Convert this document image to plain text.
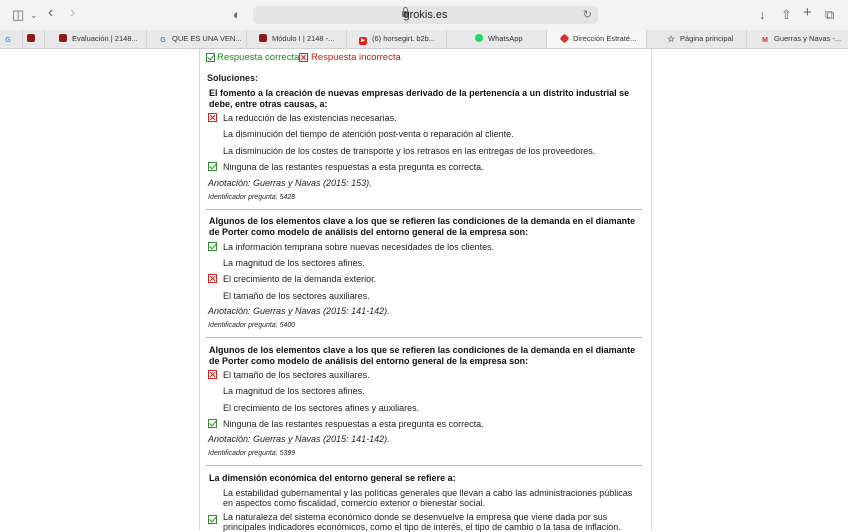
◫ ⌄ ‹ ›	◐	grokis.es	↻	↓ ⇧ + ⧉
G	Evaluación | 2148...	G QUE ES UNA VEN...	Módulo I | 2148 -...	▸ (6) horsegirL b2b...	WhatsApp	Dirección Estraté...	☆ Página principal	M Guerras y Navas -...
Respuesta correcta Respuesta incorrecta
Soluciones:
El fomento a la creación de nuevas empresas derivado de la pertenencia a un distrito industrial se debe, entre otras causas, a:
La reducción de las existencias necesarias.
La disminución del tiempo de atención post-venta o reparación al cliente.
La disminución de los costes de transporte y los retrasos en las entregas de los proveedores.
Ninguna de las restantes respuestas a esta pregunta es correcta.
Anotación: Guerras y Navas (2015: 153).
Identificador pregunta: 5428
Algunos de los elementos clave a los que se refieren las condiciones de la demanda en el diamante de Porter como modelo de análisis del entorno general de la empresa son:
La información temprana sobre nuevas necesidades de los clientes.
La magnitud de los sectores afines.
El crecimiento de la demanda exterior.
El tamaño de los sectores auxiliares.
Anotación: Guerras y Navas (2015: 141-142).
Identificador pregunta: 5400
Algunos de los elementos clave a los que se refieren las condiciones de la demanda en el diamante de Porter como modelo de análisis del entorno general de la empresa son:
El tamaño de los sectores auxiliares.
La magnitud de los sectores afines.
El crecimiento de los sectores afines y auxiliares.
Ninguna de las restantes respuestas a esta pregunta es correcta.
Anotación: Guerras y Navas (2015: 141-142).
Identificador pregunta: 5399
La dimensión económica del entorno general se refiere a:
La estabilidad gubernamental y las políticas generales que llevan a cabo las administraciones públicas en aspectos como fiscalidad, comercio exterior o bienestar social.
La naturaleza del sistema económico donde se desenvuelve la empresa que viene dada por sus principales indicadores económicos, como el tipo de interés, el tipo de cambio o la tasa de inflación.
